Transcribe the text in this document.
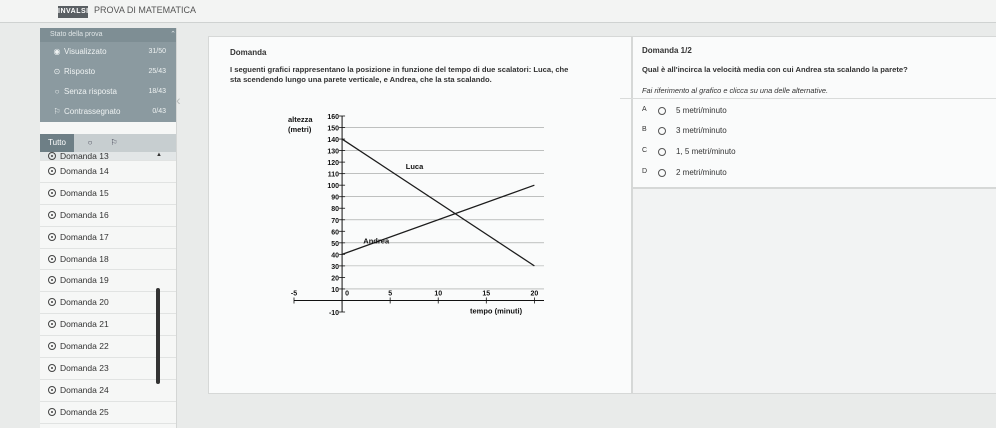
INVALSI PROVA DI MATEMATICA
Stato della prova	⌃
◉ Visualizzato	31/50
⊙ Risposto	25/43
○ Senza risposta	18/43
⚐ Contrassegnato	0/43
Tutto	○	⚐
Domanda 13
Domanda 14
Domanda 15
Domanda 16
Domanda 17
Domanda 18
Domanda 19
Domanda 20
Domanda 21
Domanda 22
Domanda 23
Domanda 24
Domanda 25
▲
‹
Domanda
I seguenti grafici rappresentano la posizione in funzione del tempo di due scalatori: Luca, che
sta scendendo lungo una parete verticale, e Andrea, che la sta scalando.
Domanda 1/2
Qual è all'incirca la velocità media con cui Andrea sta scalando la parete?
Fai riferimento al grafico e clicca su una delle alternative.
A	5 metri/minuto
B	3 metri/minuto
C	1, 5 metri/minuto
D	2 metri/minuto
-10
10
20
30
40
50
60
70
80
90
100
110
120
130
140
150
160
-5	0	5	10	15	20
altezza
(metri)
tempo (minuti)
Luca
Andrea
